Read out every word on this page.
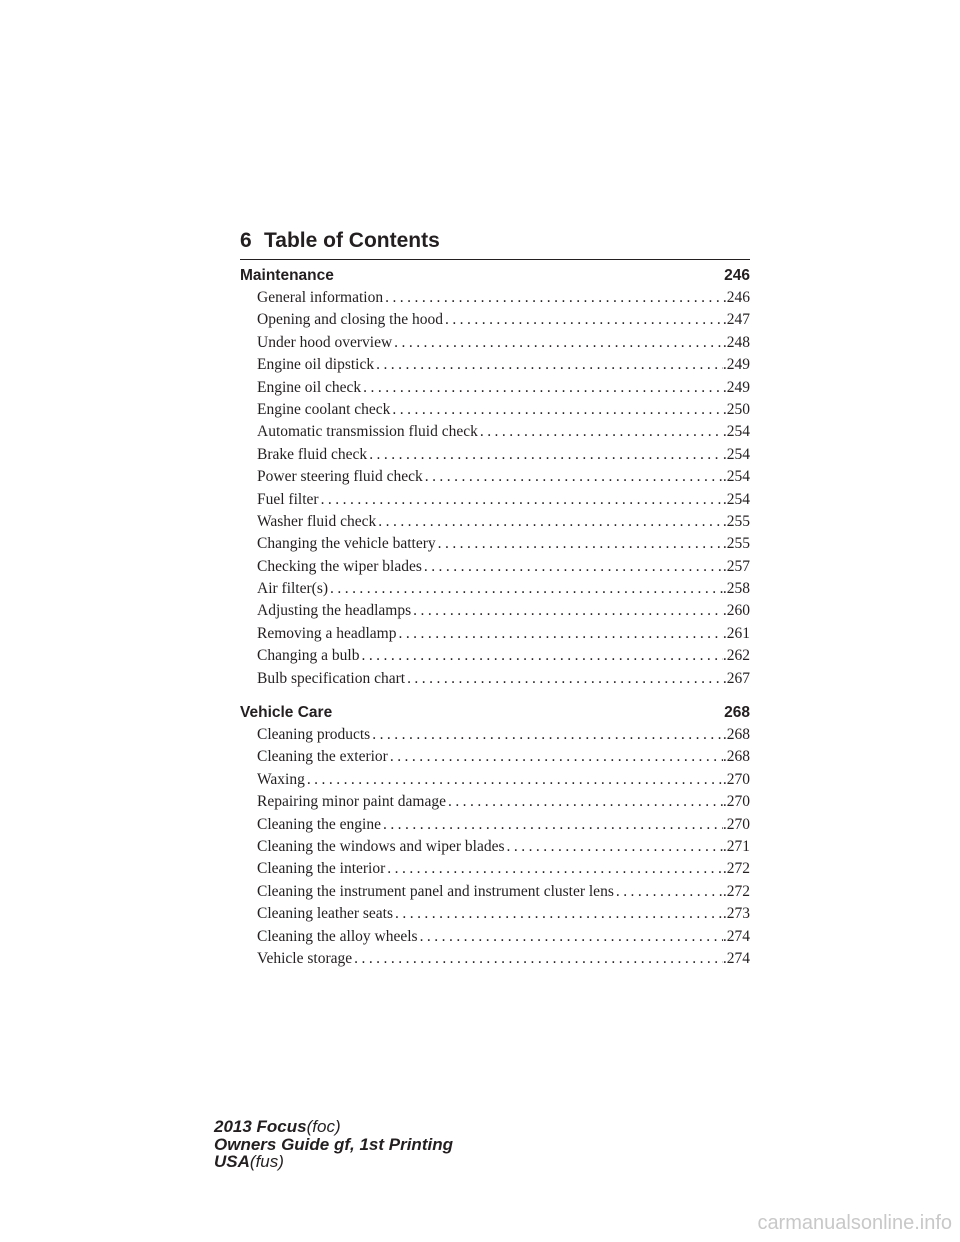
6 Table of Contents
Maintenance	246
General information . . .	.246
Opening and closing the hood . . .	.247
Under hood overview . . .	.248
Engine oil dipstick . . .	.249
Engine oil check . . .	.249
Engine coolant check . . .	.250
Automatic transmission fluid check . . .	.254
Brake fluid check . . .	.254
Power steering fluid check . . .	.254
Fuel filter . . .	.254
Washer fluid check . . .	.255
Changing the vehicle battery . . .	.255
Checking the wiper blades . . .	.257
Air filter(s) . . .	.258
Adjusting the headlamps . . .	.260
Removing a headlamp . . .	.261
Changing a bulb . . .	.262
Bulb specification chart . . .	.267
Vehicle Care	268
Cleaning products . . .	.268
Cleaning the exterior . . .	.268
Waxing . . .	.270
Repairing minor paint damage . . .	.270
Cleaning the engine . . .	.270
Cleaning the windows and wiper blades . . .	.271
Cleaning the interior . . .	.272
Cleaning the instrument panel and instrument cluster lens . . .	.272
Cleaning leather seats . . .	.273
Cleaning the alloy wheels . . .	.274
Vehicle storage . . .	.274
2013 Focus(foc)
Owners Guide gf, 1st Printing
USA(fus)
carmanualsonline.info
